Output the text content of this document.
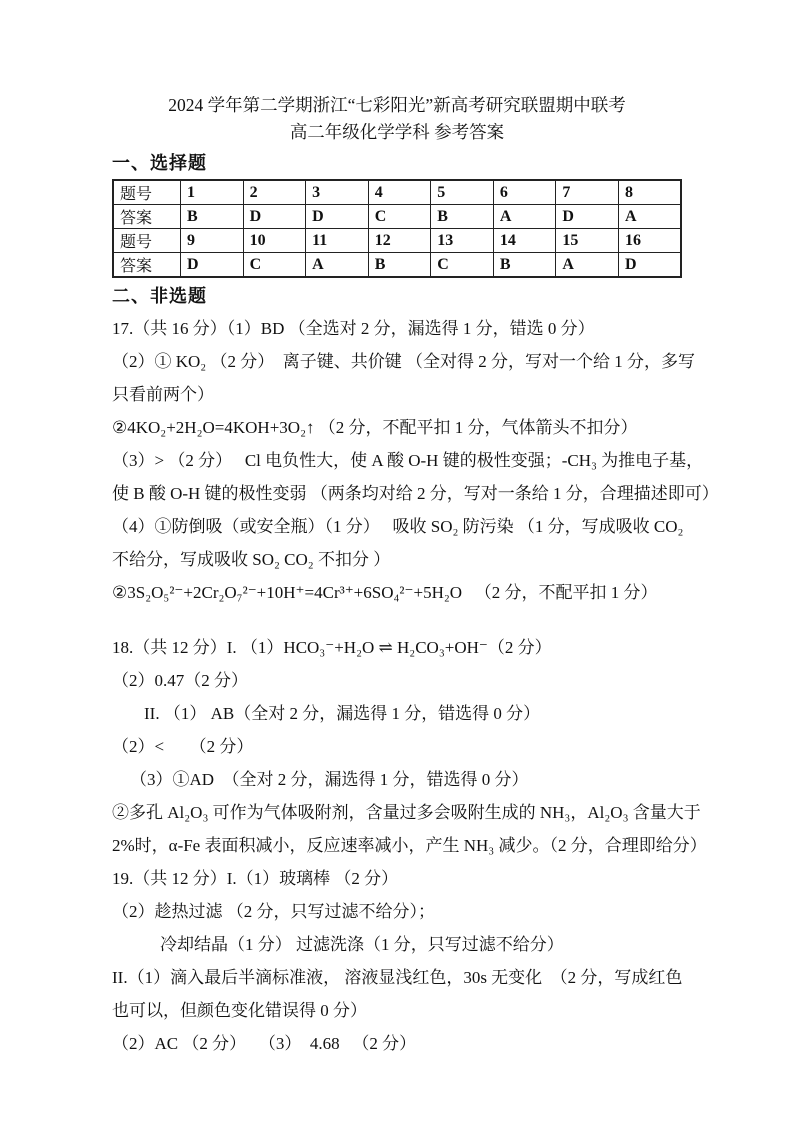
2024 学年第二学期浙江“七彩阳光”新高考研究联盟期中联考
高二年级化学学科 参考答案
一、选择题
题号	1	2	3	4	5	6	7	8
答案	B	D	D	C	B	A	D	A
题号	9	10	11	12	13	14	15	16
答案	D	C	A	B	C	B	A	D
二、非选题

17.（共 16 分）（1）BD （全选对 2 分，漏选得 1 分，错选 0 分）

（2）① KO₂ （2 分）  离子键、共价键 （全对得 2 分，写对一个给 1 分，多写

只看前两个）

②4KO₂+2H₂O=4KOH+3O₂↑ （2 分，不配平扣 1 分，气体箭头不扣分）

（3）> （2 分）   Cl 电负性大，使 A 酸 O-H 键的极性变强；-CH₃ 为推电子基，

使 B 酸 O-H 键的极性变弱 （两条均对给 2 分，写对一条给 1 分，合理描述即可）

（4）①防倒吸（或安全瓶）（1 分）   吸收 SO₂ 防污染 （1 分，写成吸收 CO₂

不给分，写成吸收 SO₂ CO₂ 不扣分 ）

②3S₂O₅²⁻+2Cr₂O₇²⁻+10H⁺=4Cr³⁺+6SO₄²⁻+5H₂O   （2 分，不配平扣 1 分）

18.（共 12 分）I. （1）HCO₃⁻+H₂O ⇌ H₂CO₃+OH⁻（2 分）

（2）0.47（2 分）

II. （1） AB（全对 2 分，漏选得 1 分，错选得 0 分）

（2）<      （2 分）

（3）①AD  （全对 2 分，漏选得 1 分，错选得 0 分）

②多孔 Al₂O₃ 可作为气体吸附剂，含量过多会吸附生成的 NH₃，Al₂O₃ 含量大于

2%时，α-Fe 表面积减小，反应速率减小，产生 NH₃ 减少。（2 分，合理即给分）

19.（共 12 分）I.（1）玻璃棒 （2 分）

（2）趁热过滤 （2 分，只写过滤不给分）；

冷却结晶（1 分） 过滤洗涤（1 分，只写过滤不给分）

II.（1）滴入最后半滴标准液， 溶液显浅红色，30s 无变化  （2 分，写成红色

也可以，但颜色变化错误得 0 分）

（2）AC （2 分）   （3）  4.68   （2 分）
